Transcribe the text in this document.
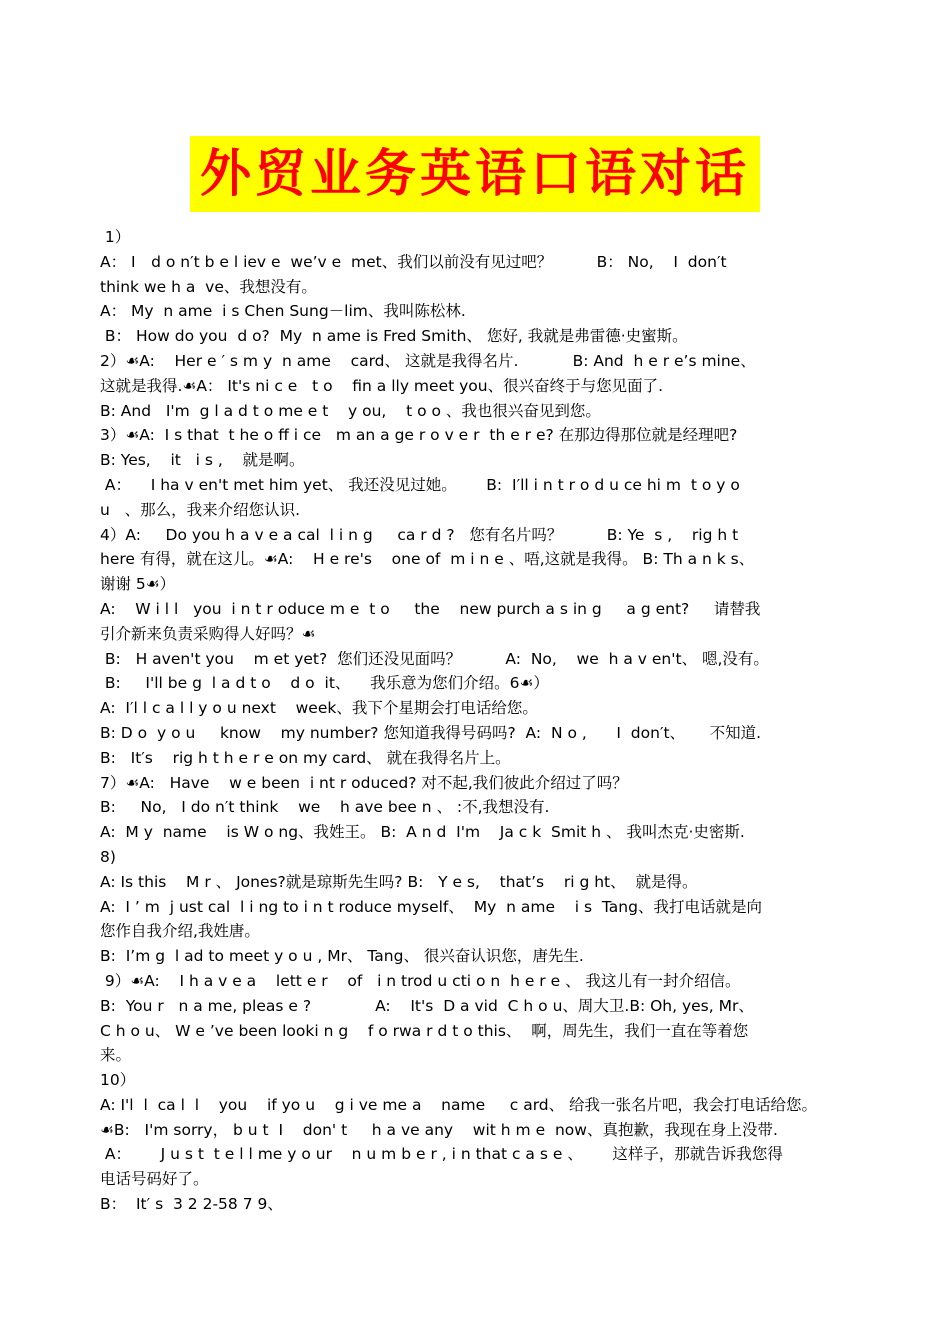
外贸业务英语口语对话
1）
A： I　d o n′t b e l iev e  we’v e  met、我们以前没有见过吧？         B： No,    I  don′t
think we h a  ve、我想没有。
A： My  n ame  i s Chen Sung－lim、我叫陈松林.
B： How do you  d o?  My  n ame is Fred Smith、 您好, 我就是弗雷德·史蜜斯。
2）☙A:    Her e ′ s m y  n ame    card、 这就是我得名片.           B: And  h e r e’s mine、
这就是我得.☙A： It's ni c e   t o    fin a lly meet you、很兴奋终于与您见面了.
B: And   I'm  g l a d t o me e t    y ou,    t o o 、我也很兴奋见到您。
3）☙A:  I s that  t he o ff i ce   m an a ge r o v e r  th e r e? 在那边得那位就是经理吧?
B: Yes,    it   i s ,    就是啊。
A：    I ha v en't met him yet、 我还没见过她。      B:  I′ll i n t r o d u ce hi m  t o y o
u   、那么，我来介绍您认识.
4）A:     Do you h a v e a cal  l i n g     ca r d ?   您有名片吗？         B: Ye  s ,    rig h t
here 有得，就在这儿。☙A:    H e re's    one of  m i n e 、唔,这就是我得。 B: Th a n k s、
谢谢 5☙）
A:    W i l l   you  i n t r oduce m e  t o     the    new purch a s in g     a g ent?     请替我
引介新来负责采购得人好吗？☙
B:   H aven't you    m et yet?  您们还没见面吗？         A:  No,    we  h a v en't、 嗯,没有。
B:     I'll be g  l a d t o    d o  it、    我乐意为您们介绍。6☙）
A:  I′l l c a l l y o u next    week、我下个星期会打电话给您。
B: D o  y o u     know    my number? 您知道我得号码吗?  A:  N o ,      I  don′t、     不知道.
B:   It′s    rig h t h e r e on my card、 就在我得名片上。
7）☙A:   Have    w e been  i nt r oduced? 对不起,我们彼此介绍过了吗？
B:     No,   I do n′t think    we    h ave bee n 、 :不,我想没有.
A:  M y  name    is W o ng、我姓王。 B:  A n d  I'm    Ja c k  Smit h 、 我叫杰克·史密斯.
8)
A: Is this    M r 、 Jones?就是琼斯先生吗? B:   Y e s,    that’s    ri g ht、  就是得。
A:  I ’ m  j ust cal  l i ng to i n t roduce myself、  My  n ame    i s  Tang、我打电话就是向
您作自我介绍,我姓唐。
B:  I’m g  l ad to meet y o u , Mr、 Tang、 很兴奋认识您，唐先生.
9）☙A:    I h a v e a    lett e r    of   i n trod u cti o n  h e r e 、 我这儿有一封介绍信。
B:  You r   n a me, pleas e ?             A:    It's  D a vid  C h o u、周大卫.B: Oh, yes, Mr、
C h o u、 W e ’ve been looki n g    f o rwa r d t o this、  啊，周先生，我们一直在等着您
来。
10）
A: I'l  l  ca l  l    you    if yo u    g i ve me a    name     c ard、 给我一张名片吧，我会打电话给您。
☙B:   I'm sorry， b u t  I    don' t     h a ve any    wit h m e  now、真抱歉，我现在身上没带.
A：      J u s t  t e l l me y o ur    n u m b e r , i n that c a s e 、      这样子，那就告诉我您得
电话号码好了。
B：  It′ s  3 2 2-58 7 9、
